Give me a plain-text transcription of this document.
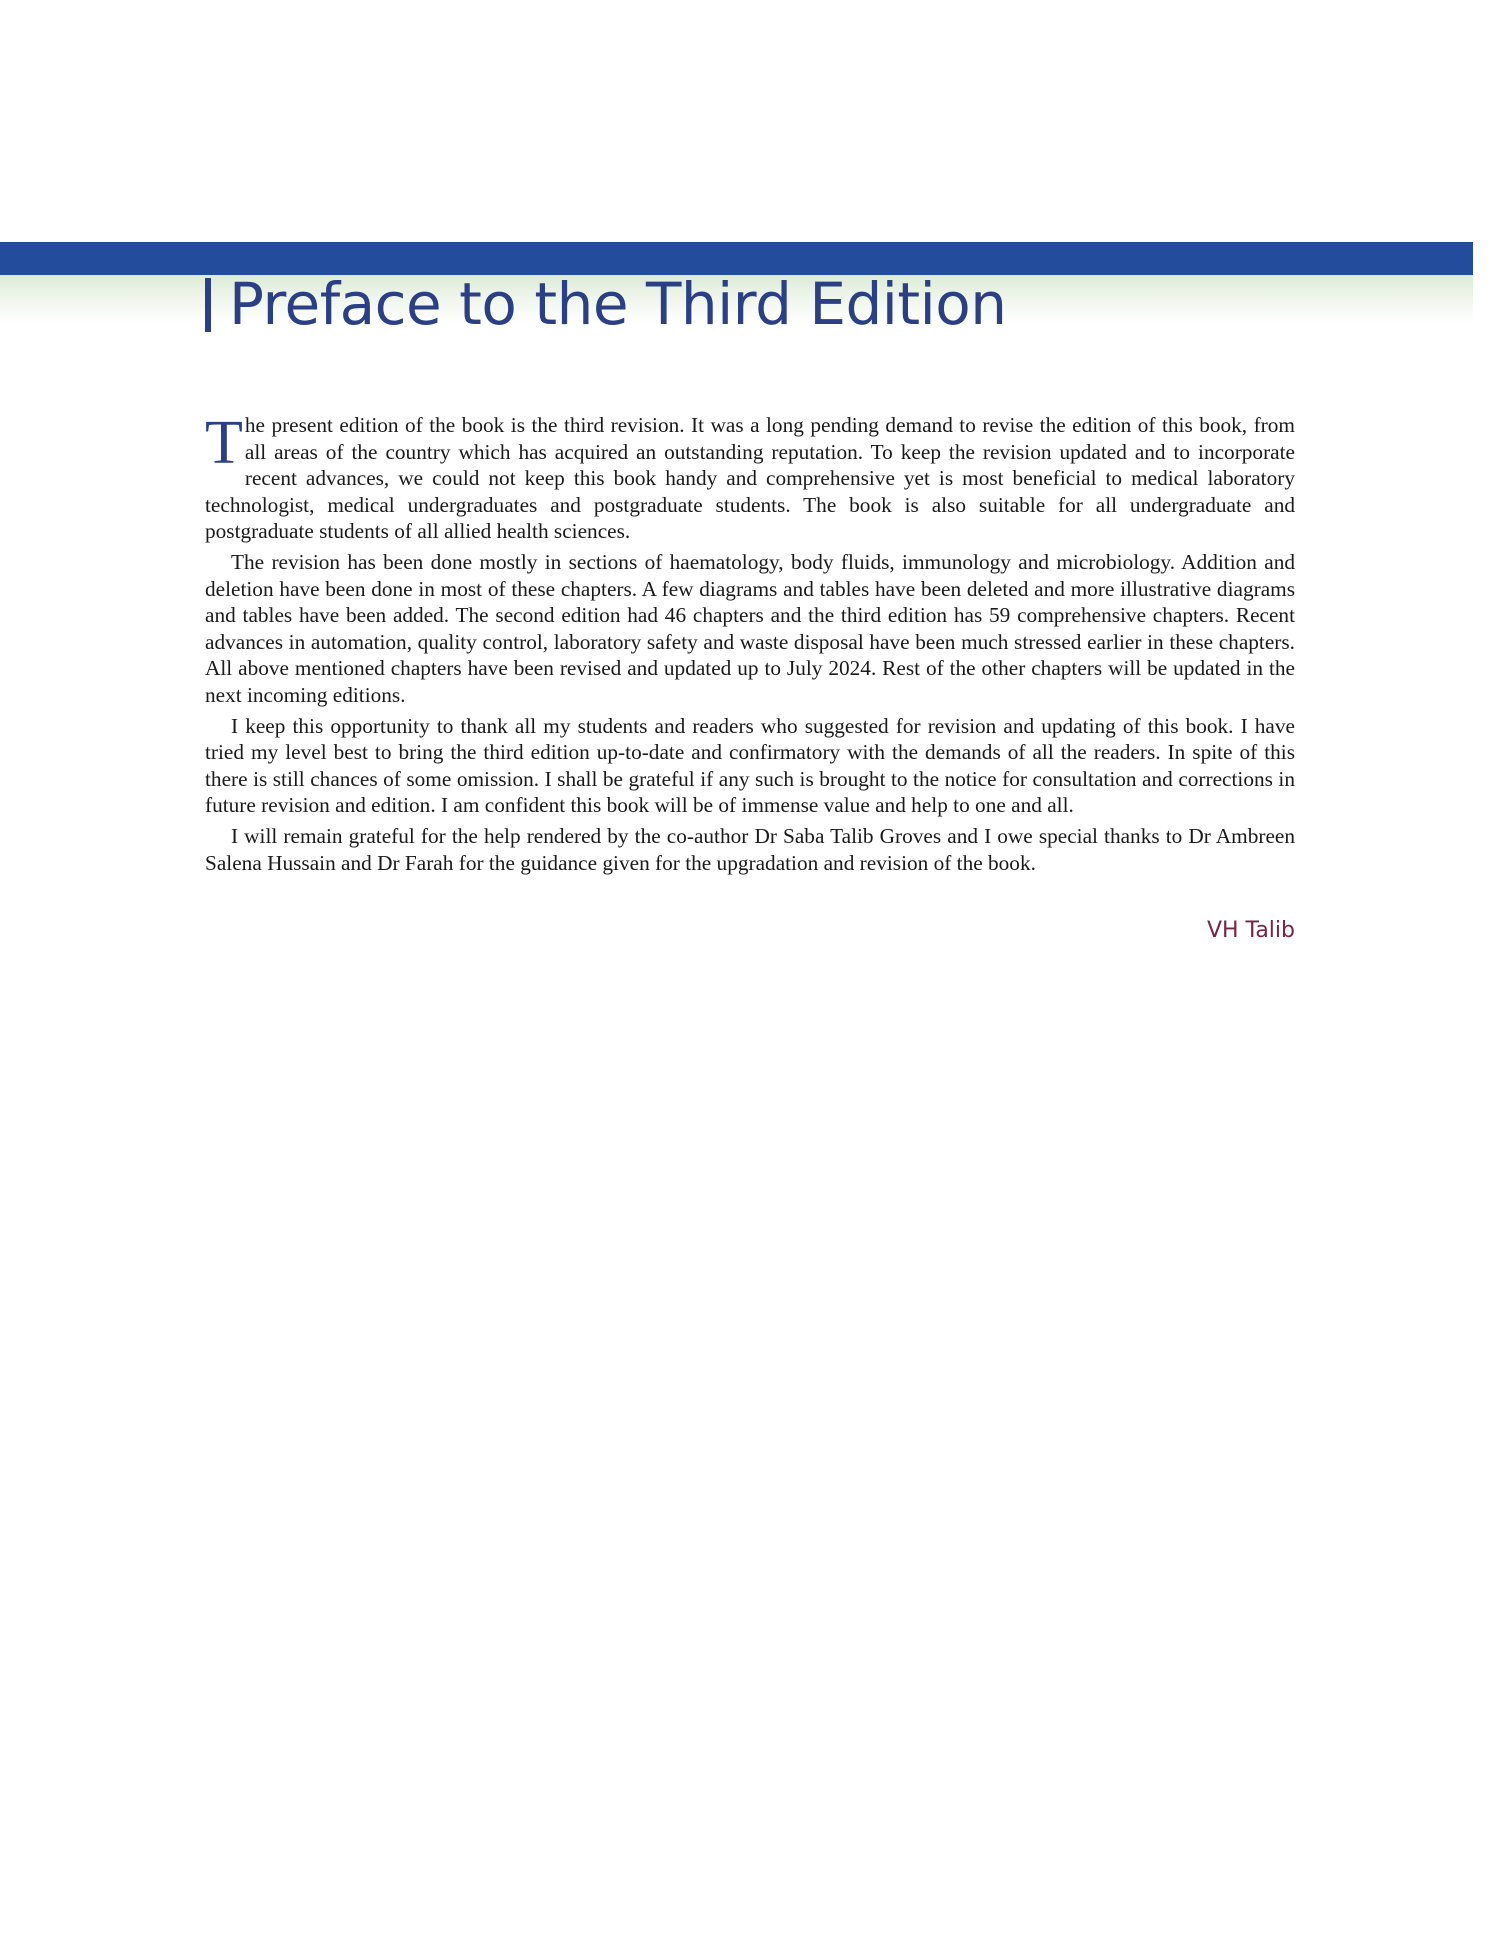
Preface to the Third Edition

The present edition of the book is the third revision. It was a long pending demand to revise the edition of this book, from all areas of the country which has acquired an outstanding reputation. To keep the revision updated and to incorporate recent advances, we could not keep this book handy and comprehensive yet is most beneficial to medical laboratory technologist, medical undergraduates and postgraduate students. The book is also suitable for all undergraduate and postgraduate students of all allied health sciences.

The revision has been done mostly in sections of haematology, body fluids, immunology and microbiology. Addition and deletion have been done in most of these chapters. A few diagrams and tables have been deleted and more illustrative diagrams and tables have been added. The second edition had 46 chapters and the third edition has 59 comprehensive chapters. Recent advances in automation, quality control, laboratory safety and waste disposal have been much stressed earlier in these chapters. All above mentioned chapters have been revised and updated up to July 2024. Rest of the other chapters will be updated in the next incoming editions.

I keep this opportunity to thank all my students and readers who suggested for revision and updating of this book. I have tried my level best to bring the third edition up-to-date and confirmatory with the demands of all the readers. In spite of this there is still chances of some omission. I shall be grateful if any such is brought to the notice for consultation and corrections in future revision and edition. I am confident this book will be of immense value and help to one and all.

I will remain grateful for the help rendered by the co-author Dr Saba Talib Groves and I owe special thanks to Dr Ambreen Salena Hussain and Dr Farah for the guidance given for the upgradation and revision of the book.

VH Talib
